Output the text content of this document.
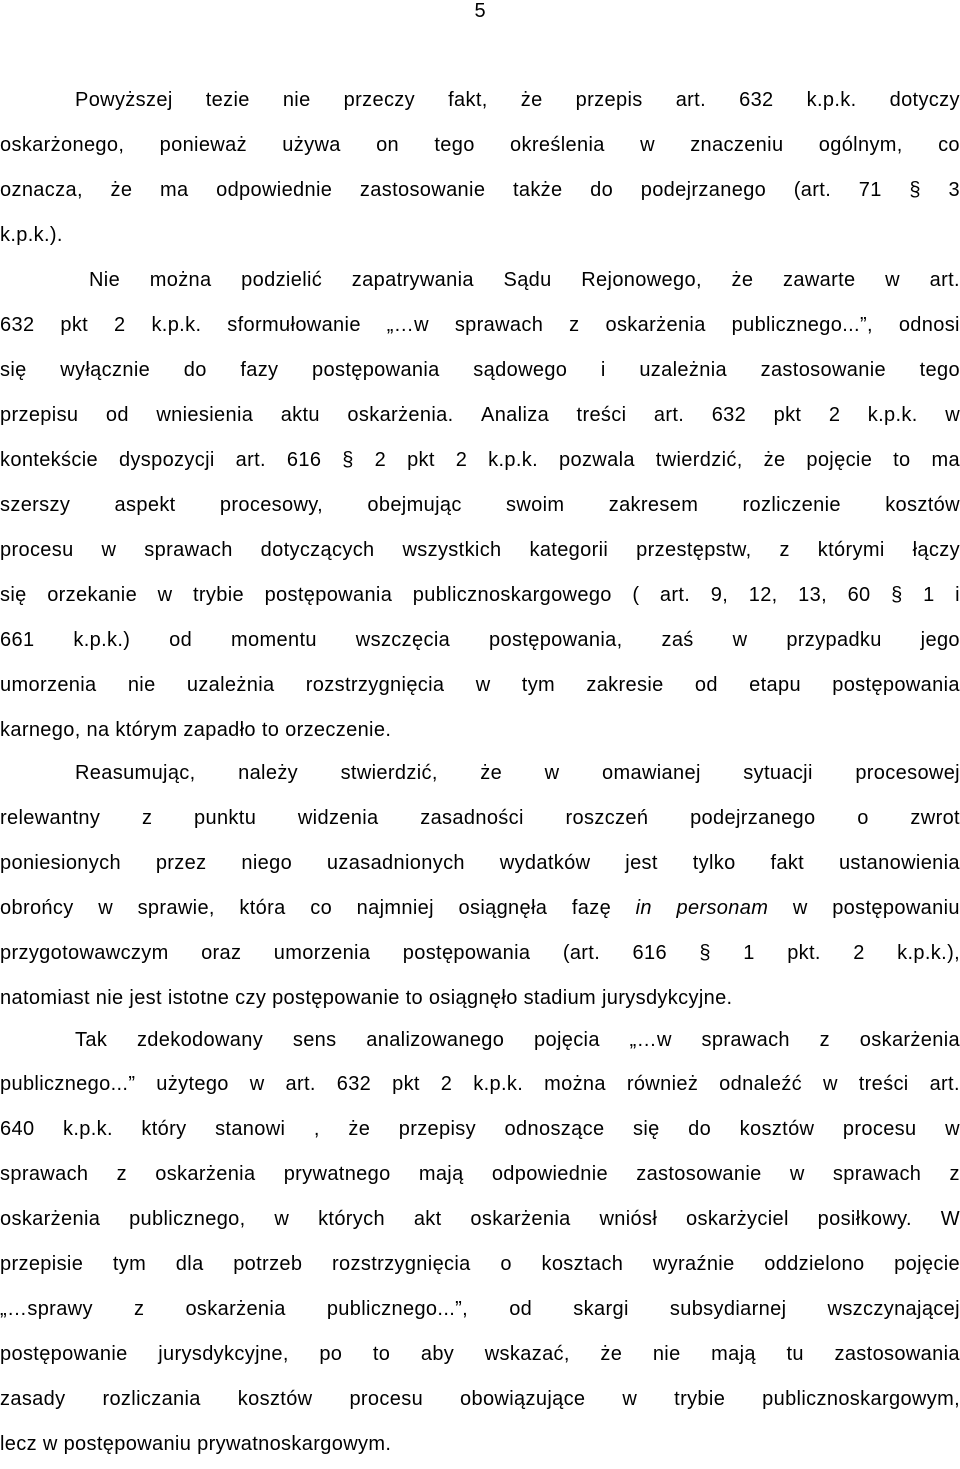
5
Powyższej tezie nie przeczy fakt, że przepis art. 632 k.p.k. dotyczy
oskarżonego, ponieważ używa on tego określenia w znaczeniu ogólnym, co
oznacza, że ma odpowiednie zastosowanie także do podejrzanego (art. 71 § 3
k.p.k.).
Nie można podzielić zapatrywania Sądu Rejonowego, że zawarte w art.
632 pkt 2 k.p.k. sformułowanie „…w sprawach z oskarżenia publicznego...”, odnosi
się wyłącznie do fazy postępowania sądowego i uzależnia zastosowanie tego
przepisu od wniesienia aktu oskarżenia. Analiza treści art. 632 pkt 2 k.p.k. w
kontekście dyspozycji art. 616 § 2 pkt 2 k.p.k. pozwala twierdzić, że pojęcie to ma
szerszy aspekt procesowy, obejmując swoim zakresem rozliczenie kosztów
procesu w sprawach dotyczących wszystkich kategorii przestępstw, z którymi łączy
się orzekanie w trybie postępowania publicznoskargowego ( art. 9, 12, 13, 60 § 1 i
661 k.p.k.) od momentu wszczęcia postępowania, zaś w przypadku jego
umorzenia nie uzależnia rozstrzygnięcia w tym zakresie od etapu postępowania
karnego, na którym zapadło to orzeczenie.
Reasumując, należy stwierdzić, że w omawianej sytuacji procesowej
relewantny z punktu widzenia zasadności roszczeń podejrzanego o zwrot
poniesionych przez niego uzasadnionych wydatków jest tylko fakt ustanowienia
obrońcy w sprawie, która co najmniej osiągnęła fazę in personam w postępowaniu
przygotowawczym oraz umorzenia postępowania (art. 616 § 1 pkt. 2 k.p.k.),
natomiast nie jest istotne czy postępowanie to osiągnęło stadium jurysdykcyjne.
Tak zdekodowany sens analizowanego pojęcia „…w sprawach z oskarżenia
publicznego...” użytego w art. 632 pkt 2 k.p.k. można również odnaleźć w treści art.
640 k.p.k. który stanowi , że przepisy odnoszące się do kosztów procesu w
sprawach z oskarżenia prywatnego mają odpowiednie zastosowanie w sprawach z
oskarżenia publicznego, w których akt oskarżenia wniósł oskarżyciel posiłkowy. W
przepisie tym dla potrzeb rozstrzygnięcia o kosztach wyraźnie oddzielono pojęcie
„…sprawy z oskarżenia publicznego...”, od skargi subsydiarnej wszczynającej
postępowanie jurysdykcyjne, po to aby wskazać, że nie mają tu zastosowania
zasady rozliczania kosztów procesu obowiązujące w trybie publicznoskargowym,
lecz w postępowaniu prywatnoskargowym.
